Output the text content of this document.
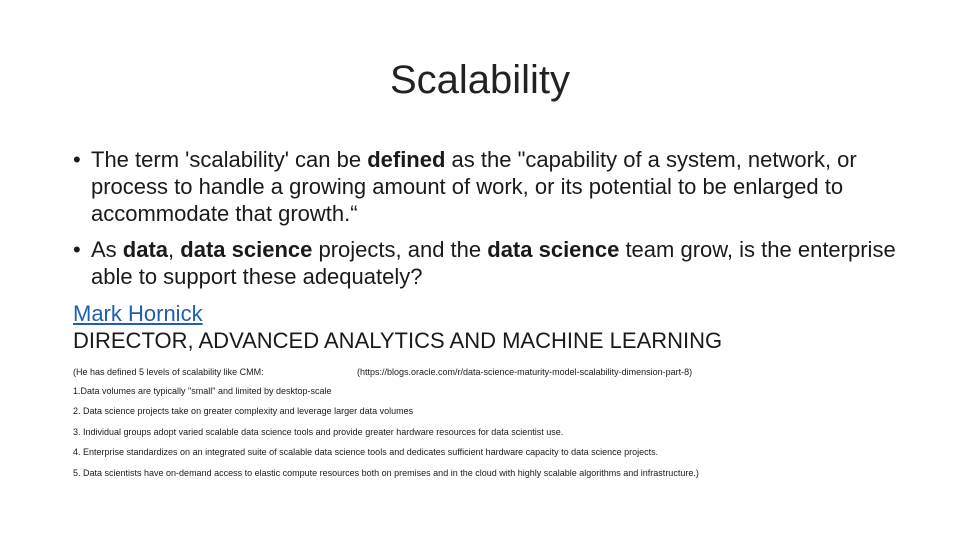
Scalability
• The term 'scalability' can be defined as the "capability of a system, network, or process to handle a growing amount of work, or its potential to be enlarged to accommodate that growth.“
• As data, data science projects, and the data science team grow, is the enterprise able to support these adequately?
Mark Hornick
DIRECTOR, ADVANCED ANALYTICS AND MACHINE LEARNING
(He has defined 5 levels of scalability like CMM:	(https://blogs.oracle.com/r/data-science-maturity-model-scalability-dimension-part-8)
1.Data volumes are typically "small" and limited by desktop-scale
2. Data science projects take on greater complexity and leverage larger data volumes
3. Individual groups adopt varied scalable data science tools and provide greater hardware resources for data scientist use.
4. Enterprise standardizes on an integrated suite of scalable data science tools and dedicates sufficient hardware capacity to data science projects.
5. Data scientists have on-demand access to elastic compute resources both on premises and in the cloud with highly scalable algorithms and infrastructure.)
